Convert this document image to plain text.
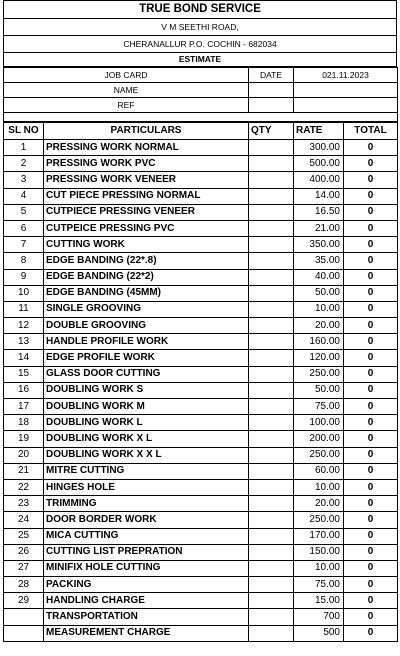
TRUE BOND SERVICE
V M SEETHI ROAD,
CHERANALLUR P.O. COCHIN - 682034
ESTIMATE
JOB CARD	DATE	021.11.2023
NAME		
REF		

SL NO	PARTICULARS	QTY	RATE	TOTAL
1	PRESSING WORK NORMAL		300.00	0
2	PRESSING WORK PVC		500.00	0
3	PRESSING WORK VENEER		400.00	0
4	CUT PIECE PRESSING NORMAL		14.00	0
5	CUTPIECE PRESSING VENEER		16.50	0
6	CUTPEICE PRESSING PVC		21.00	0
7	CUTTING WORK		350.00	0
8	EDGE BANDING (22*.8)		35.00	0
9	EDGE BANDING (22*2)		40.00	0
10	EDGE BANDING (45MM)		50.00	0
11	SINGLE GROOVING		10.00	0
12	DOUBLE GROOVING		20.00	0
13	HANDLE PROFILE WORK		160.00	0
14	EDGE PROFILE WORK		120.00	0
15	GLASS DOOR CUTTING		250.00	0
16	DOUBLING WORK S		50.00	0
17	DOUBLING WORK M		75.00	0
18	DOUBLING WORK L		100.00	0
19	DOUBLING WORK X L		200.00	0
20	DOUBLING WORK X X L		250.00	0
21	MITRE CUTTING		60.00	0
22	HINGES HOLE		10.00	0
23	TRIMMING		20.00	0
24	DOOR BORDER WORK		250.00	0
25	MICA CUTTING		170.00	0
26	CUTTING LIST PREPRATION		150.00	0
27	MINIFIX HOLE CUTTING		10.00	0
28	PACKING		75.00	0
29	HANDLING CHARGE		15.00	0
	TRANSPORTATION		700	0
	MEASUREMENT CHARGE		500	0
